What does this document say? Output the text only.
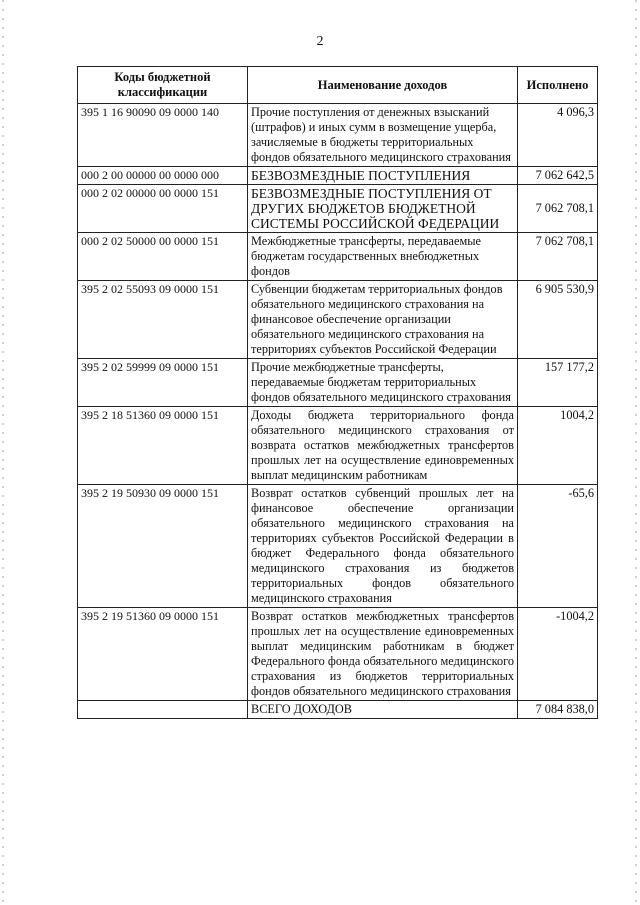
2
Коды бюджетной классификации	Наименование доходов	Исполнено
395 1 16 90090 09 0000 140	Прочие поступления от денежных взысканий (штрафов) и иных сумм в возмещение ущерба, зачисляемые в бюджеты территориальных фондов обязательного медицинского страхования	4 096,3
000 2 00 00000 00 0000 000	БЕЗВОЗМЕЗДНЫЕ ПОСТУПЛЕНИЯ	7 062 642,5
000 2 02 00000 00 0000 151	БЕЗВОЗМЕЗДНЫЕ ПОСТУПЛЕНИЯ ОТ ДРУГИХ БЮДЖЕТОВ БЮДЖЕТНОЙ СИСТЕМЫ РОССИЙСКОЙ ФЕДЕРАЦИИ	7 062 708,1
000 2 02 50000 00 0000 151	Межбюджетные трансферты, передаваемые бюджетам государственных внебюджетных фондов	7 062 708,1
395 2 02 55093 09 0000 151	Субвенции бюджетам территориальных фондов обязательного медицинского страхования на финансовое обеспечение организации обязательного медицинского страхования на территориях субъектов Российской Федерации	6 905 530,9
395 2 02 59999 09 0000 151	Прочие межбюджетные трансферты, передаваемые бюджетам территориальных фондов обязательного медицинского страхования	157 177,2
395 2 18 51360 09 0000 151	Доходы бюджета территориального фонда обязательного медицинского страхования от возврата остатков межбюджетных трансфертов прошлых лет на осуществление единовременных выплат медицинским работникам	1004,2
395 2 19 50930 09 0000 151	Возврат остатков субвенций прошлых лет на финансовое обеспечение организации обязательного медицинского страхования на территориях субъектов Российской Федерации в бюджет Федерального фонда обязательного медицинского страхования из бюджетов территориальных фондов обязательного медицинского страхования	-65,6
395 2 19 51360 09 0000 151	Возврат остатков межбюджетных трансфертов прошлых лет на осуществление единовременных выплат медицинским работникам в бюджет Федерального фонда обязательного медицинского страхования из бюджетов территориальных фондов обязательного медицинского страхования	-1004,2
	ВСЕГО ДОХОДОВ	7 084 838,0
